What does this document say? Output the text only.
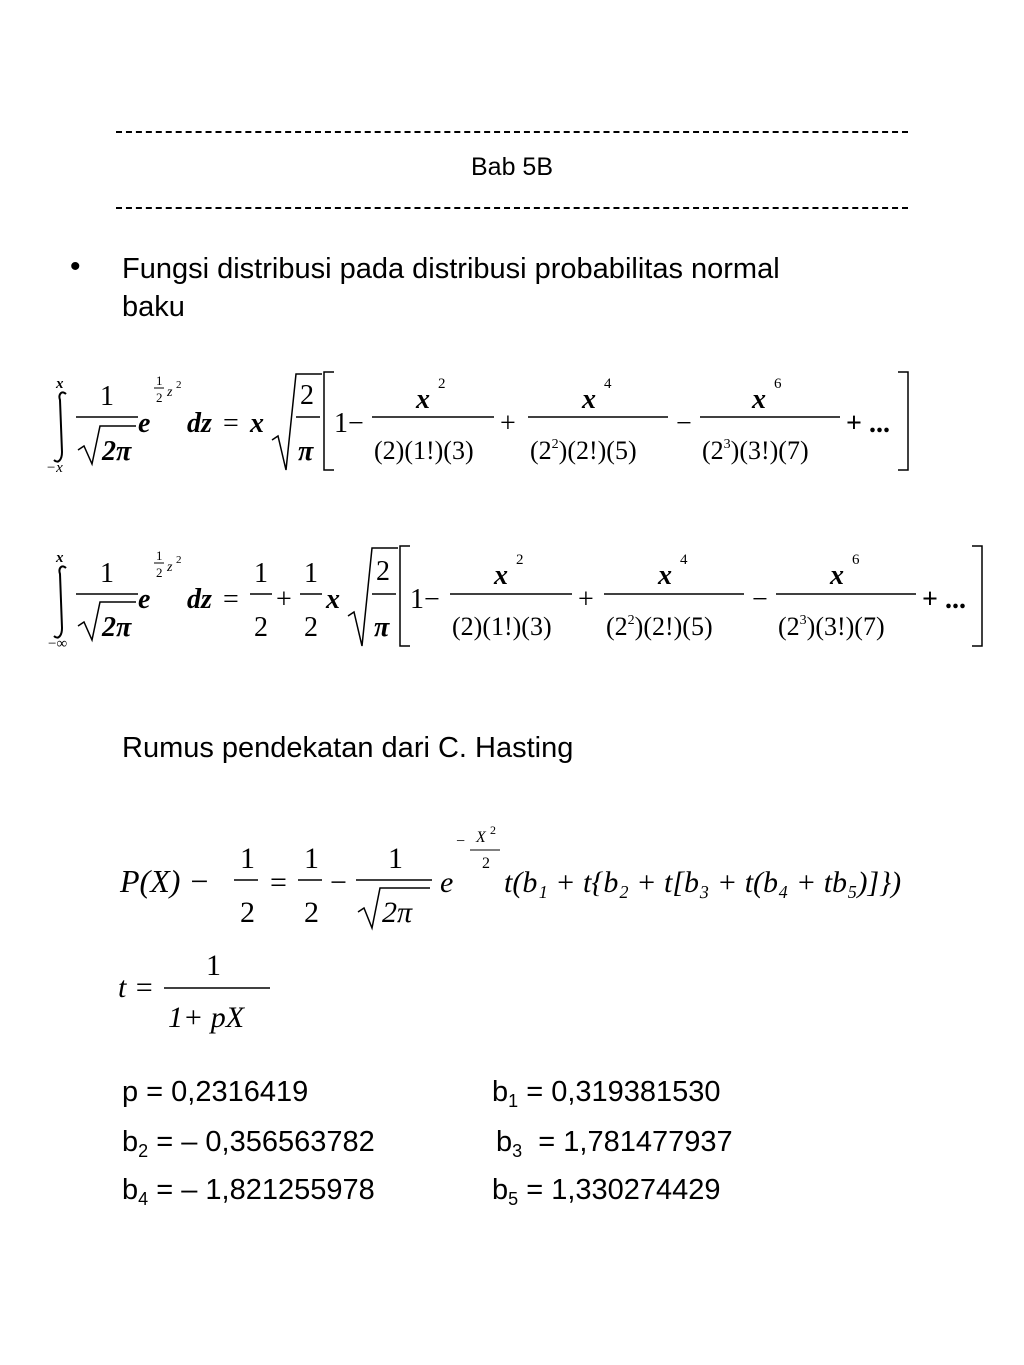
Bab 5B
• Fungsi distribusi pada distribusi probabilitas normal
baku
x
−x
1
2π
e
1
2 z 2
dz = x
2
π
1−
x 2
(2)(1!)(3)
+
x 4
$(2^2)(2!)(5)$
−
x 6
$(2^3)(3!)(7)$
+ ...
x
−∞
1
2π
e
1
2 z 2
dz =
1
2
+
1
2
x
2
π
1−
x 2
(2)(1!)(3)
+
x 4
$(2^2)(2!)(5)$
−
x 6
$(2^3)(3!)(7)$
+ ...
Rumus pendekatan dari C. Hasting
P(X) −
1
2
=
1
2
−
1
2π
e
− X 2
2
t(b₁ + t{b₂ + t[b₃ + t(b₄ + tb₅)]})
t =
1
1+ pX
p = 0,2316419	$b_1 = 0,319381530$
$b_2$ = – 0,356563782	$b_3 = 1,781477937$
$b_4$ = – 1,821255978	$b_5 = 1,330274429$
